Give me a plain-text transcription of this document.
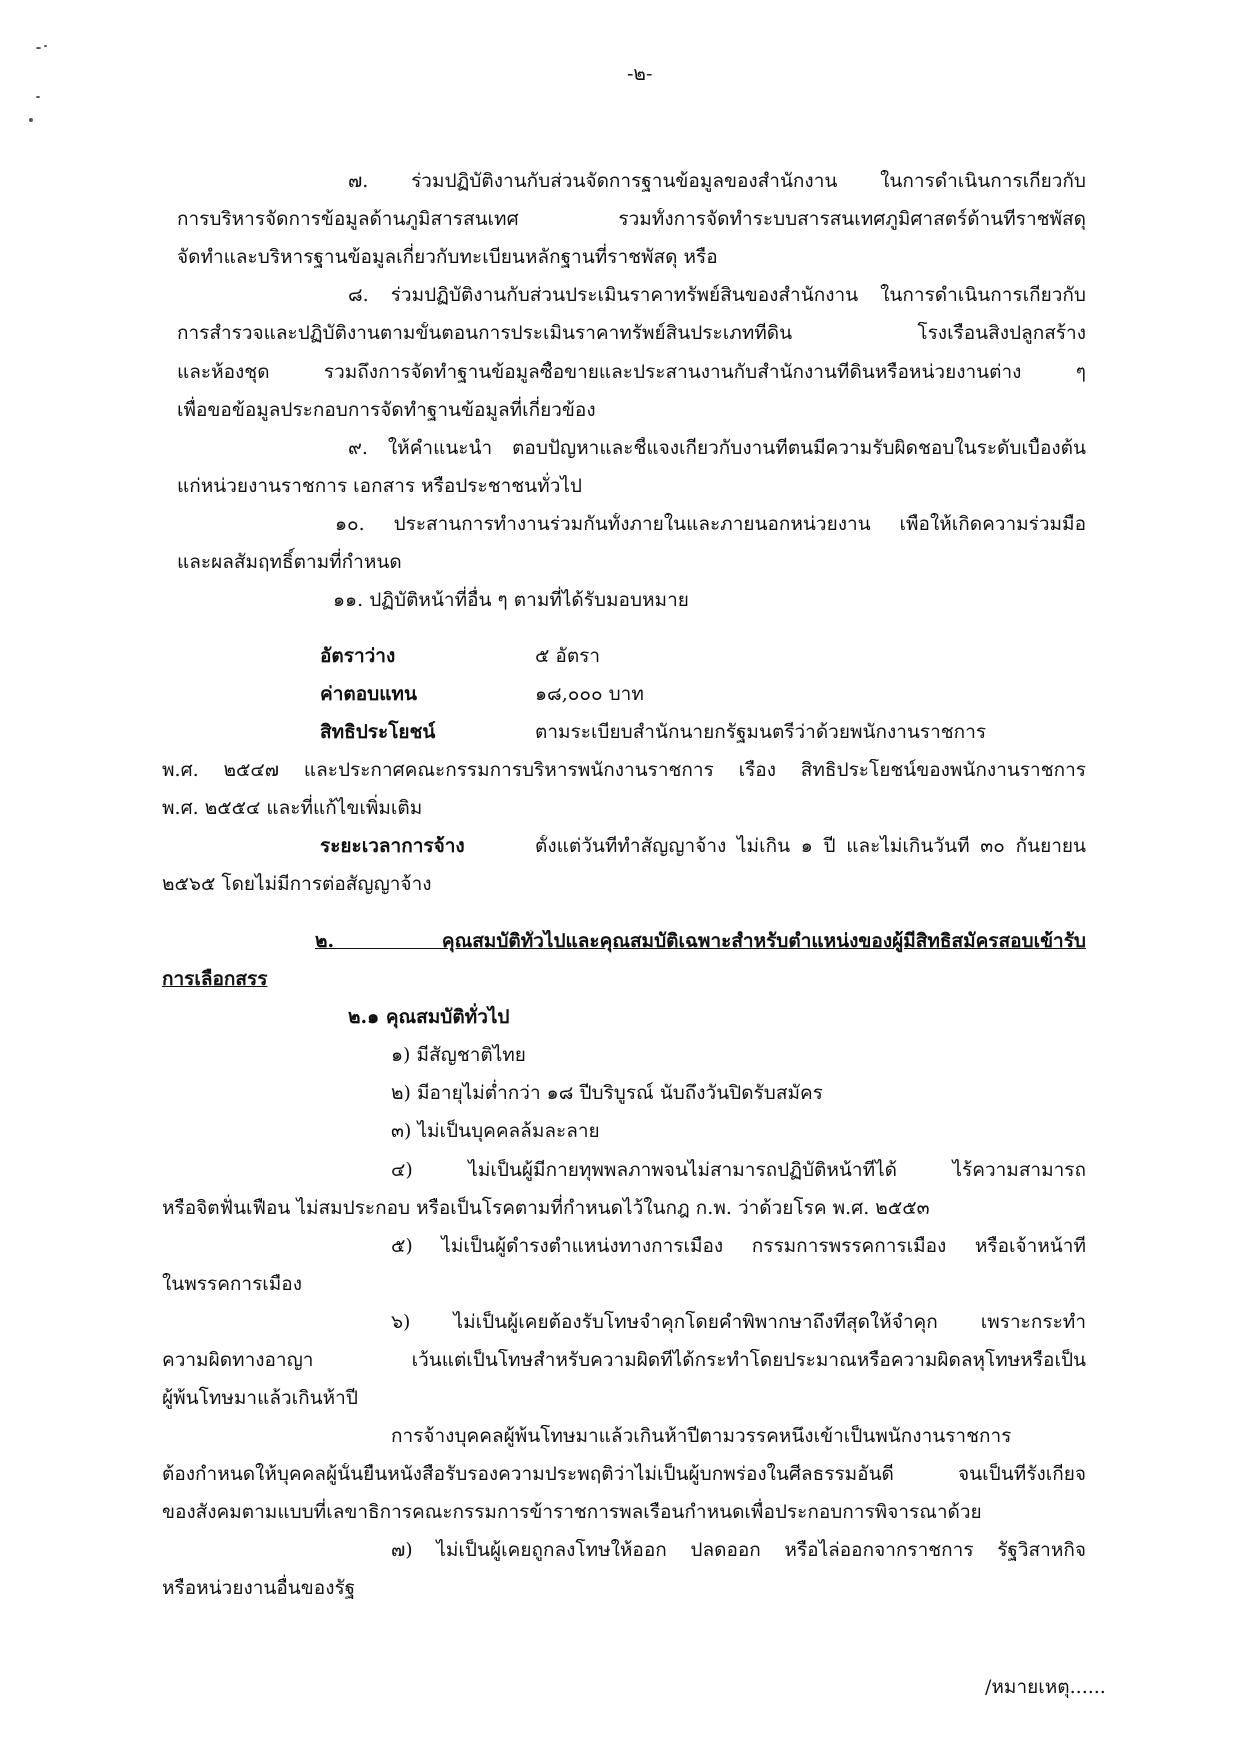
-๒-
๗. ร่วมปฏิบัติงานกับส่วนจัดการฐานข้อมูลของสำนักงาน ในการดำเนินการเกี่ยวกับ
การบริหารจัดการข้อมูลด้านภูมิสารสนเทศ รวมทั้งการจัดทำระบบสารสนเทศภูมิศาสตร์ด้านที่ราชพัสดุ
จัดทำและบริหารฐานข้อมูลเกี่ยวกับทะเบียนหลักฐานที่ราชพัสดุ หรือ
๘. ร่วมปฏิบัติงานกับส่วนประเมินราคาทรัพย์สินของสำนักงาน ในการดำเนินการเกี่ยวกับ
การสำรวจและปฏิบัติงานตามขั้นตอนการประเมินราคาทรัพย์สินประเภทที่ดิน โรงเรือนสิ่งปลูกสร้าง
และห้องชุด รวมถึงการจัดทำฐานข้อมูลซื้อขายและประสานงานกับสำนักงานที่ดินหรือหน่วยงานต่าง ๆ
เพื่อขอข้อมูลประกอบการจัดทำฐานข้อมูลที่เกี่ยวข้อง
๙. ให้คำแนะนำ ตอบปัญหาและชี้แจงเกี่ยวกับงานที่ตนมีความรับผิดชอบในระดับเบื้องต้น
แก่หน่วยงานราชการ เอกสาร หรือประชาชนทั่วไป
๑๐. ประสานการทำงานร่วมกันทั้งภายในและภายนอกหน่วยงาน เพื่อให้เกิดความร่วมมือ
และผลสัมฤทธิ์ตามที่กำหนด
๑๑. ปฏิบัติหน้าที่อื่น ๆ ตามที่ได้รับมอบหมาย
อัตราว่าง	๕ อัตรา
ค่าตอบแทน	๑๘,๐๐๐ บาท
สิทธิประโยชน์	ตามระเบียบสำนักนายกรัฐมนตรีว่าด้วยพนักงานราชการ
พ.ศ. ๒๕๔๗ และประกาศคณะกรรมการบริหารพนักงานราชการ เรื่อง สิทธิประโยชน์ของพนักงานราชการ
พ.ศ. ๒๕๕๔ และที่แก้ไขเพิ่มเติม
ระยะเวลาการจ้าง	ตั้งแต่วันที่ทำสัญญาจ้าง ไม่เกิน ๑ ปี และไม่เกินวันที่ ๓๐ กันยายน
๒๕๖๕ โดยไม่มีการต่อสัญญาจ้าง
๒. คุณสมบัติทั่วไปและคุณสมบัติเฉพาะสำหรับตำแหน่งของผู้มีสิทธิสมัครสอบเข้ารับ
การเลือกสรร
๒.๑ คุณสมบัติทั่วไป
๑) มีสัญชาติไทย
๒) มีอายุไม่ต่ำกว่า ๑๘ ปีบริบูรณ์ นับถึงวันปิดรับสมัคร
๓) ไม่เป็นบุคคลล้มละลาย
๔) ไม่เป็นผู้มีกายทุพพลภาพจนไม่สามารถปฏิบัติหน้าที่ได้ ไร้ความสามารถ
หรือจิตฟั่นเฟือน ไม่สมประกอบ หรือเป็นโรคตามที่กำหนดไว้ในกฎ ก.พ. ว่าด้วยโรค พ.ศ. ๒๕๕๓
๕) ไม่เป็นผู้ดำรงตำแหน่งทางการเมือง กรรมการพรรคการเมือง หรือเจ้าหน้าที่
ในพรรคการเมือง
๖) ไม่เป็นผู้เคยต้องรับโทษจำคุกโดยคำพิพากษาถึงที่สุดให้จำคุก เพราะกระทำ
ความผิดทางอาญา เว้นแต่เป็นโทษสำหรับความผิดที่ได้กระทำโดยประมาณหรือความผิดลหุโทษหรือเป็น
ผู้พ้นโทษมาแล้วเกินห้าปี
การจ้างบุคคลผู้พ้นโทษมาแล้วเกินห้าปีตามวรรคหนึ่งเข้าเป็นพนักงานราชการ
ต้องกำหนดให้บุคคลผู้นั้นยื่นหนังสือรับรองความประพฤติว่าไม่เป็นผู้บกพร่องในศีลธรรมอันดี จนเป็นที่รังเกียจ
ของสังคมตามแบบที่เลขาธิการคณะกรรมการข้าราชการพลเรือนกำหนดเพื่อประกอบการพิจารณาด้วย
๗) ไม่เป็นผู้เคยถูกลงโทษให้ออก ปลดออก หรือไล่ออกจากราชการ รัฐวิสาหกิจ
หรือหน่วยงานอื่นของรัฐ
/หมายเหตุ......
